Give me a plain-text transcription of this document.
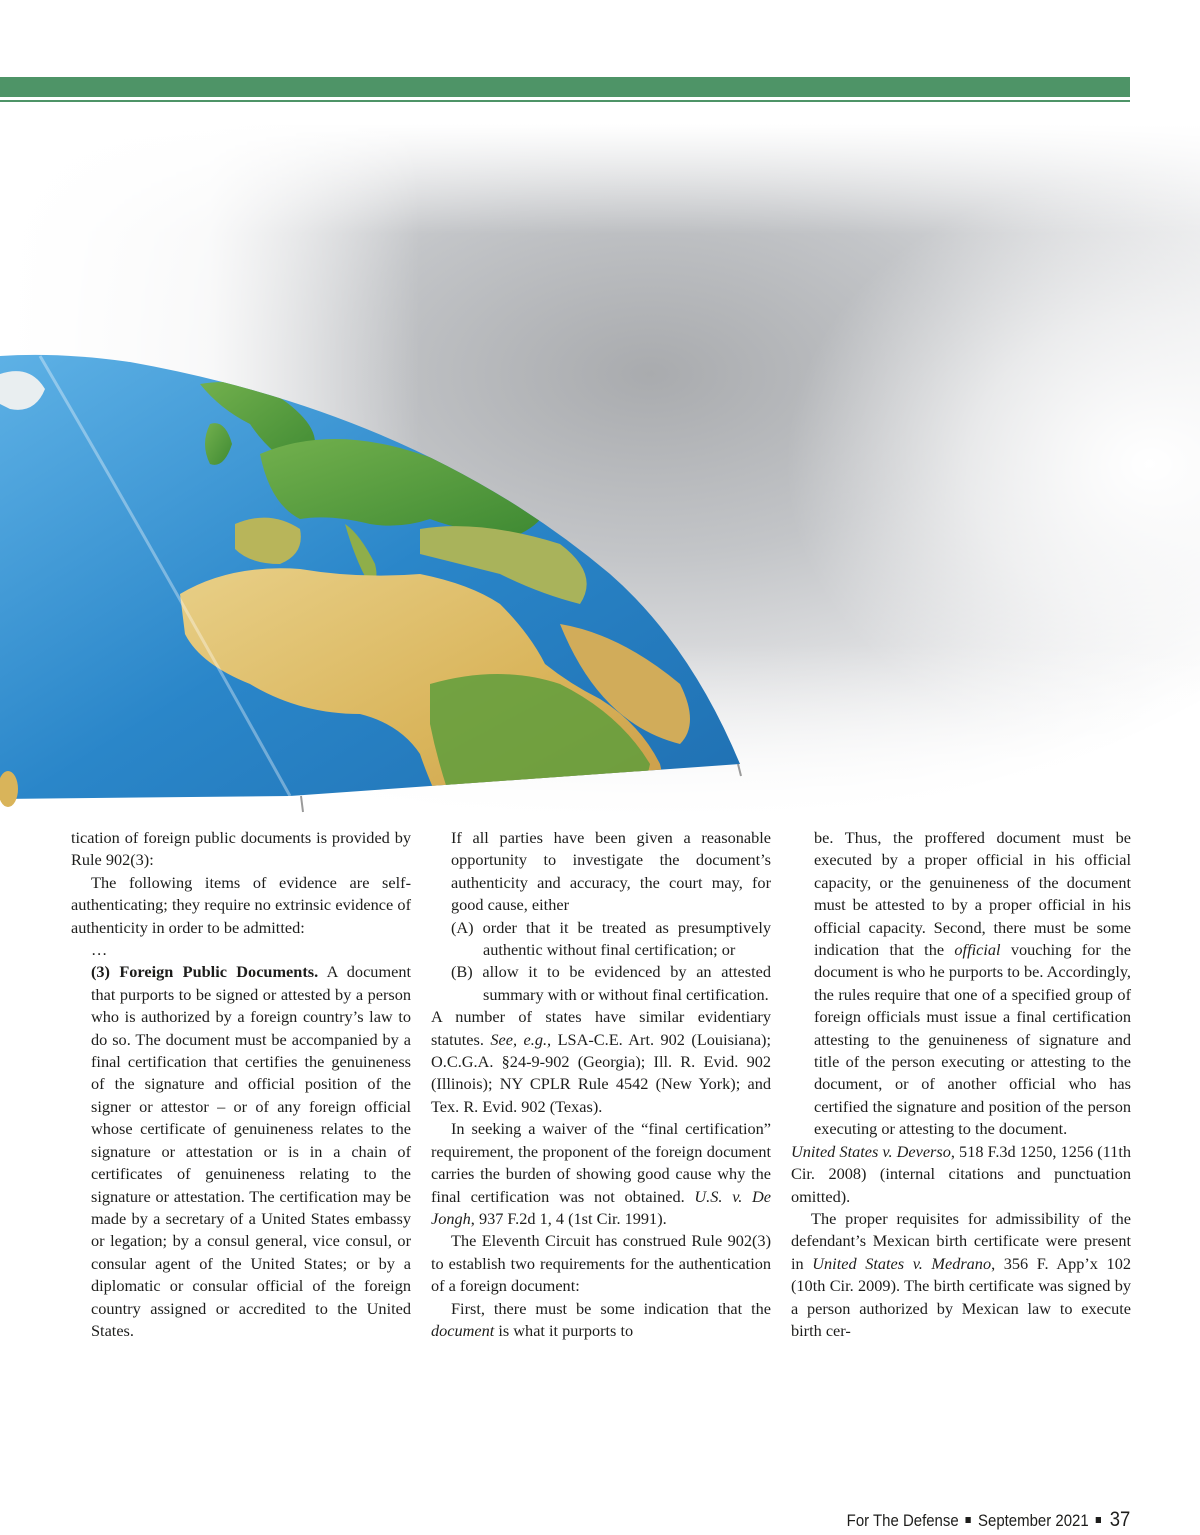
tication of foreign public documents is provided by Rule 902(3):

The following items of evidence are self-authenticating; they require no extrinsic evidence of authenticity in order to be admitted:

…

(3) Foreign Public Documents. A document that purports to be signed or attested by a person who is authorized by a foreign country’s law to do so. The document must be accompanied by a final certification that certifies the genuineness of the signature and official position of the signer or attestor – or of any foreign official whose certificate of genuineness relates to the signature or attestation or is in a chain of certificates of genuineness relating to the signature or attestation. The certification may be made by a secretary of a United States embassy or legation; by a consul general, vice consul, or consular agent of the United States; or by a diplomatic or consular official of the foreign country assigned or accredited to the United States.

If all parties have been given a reasonable opportunity to investigate the document’s authenticity and accuracy, the court may, for good cause, either

(A) order that it be treated as presumptively authentic without final certification; or

(B) allow it to be evidenced by an attested summary with or without final certification.

A number of states have similar evidentiary statutes. See, e.g., LSA-C.E. Art. 902 (Louisiana); O.C.G.A. §24-9-902 (Georgia); Ill. R. Evid. 902 (Illinois); NY CPLR Rule 4542 (New York); and Tex. R. Evid. 902 (Texas).

In seeking a waiver of the “final certification” requirement, the proponent of the foreign document carries the burden of showing good cause why the final certification was not obtained. U.S. v. De Jongh, 937 F.2d 1, 4 (1st Cir. 1991).

The Eleventh Circuit has construed Rule 902(3) to establish two requirements for the authentication of a foreign document:

First, there must be some indication that the document is what it purports to

be. Thus, the proffered document must be executed by a proper official in his official capacity, or the genuineness of the document must be attested to by a proper official in his official capacity. Second, there must be some indication that the official vouching for the document is who he purports to be. Accordingly, the rules require that one of a specified group of foreign officials must issue a final certification attesting to the genuineness of signature and title of the person executing or attesting to the document, or of another official who has certified the signature and position of the person executing or attesting to the document.

United States v. Deverso, 518 F.3d 1250, 1256 (11th Cir. 2008) (internal citations and punctuation omitted).

The proper requisites for admissibility of the defendant’s Mexican birth certificate were present in United States v. Medrano, 356 F. App’x 102 (10th Cir. 2009). The birth certificate was signed by a person authorized by Mexican law to execute birth cer-

For The Defense September 2021 37
